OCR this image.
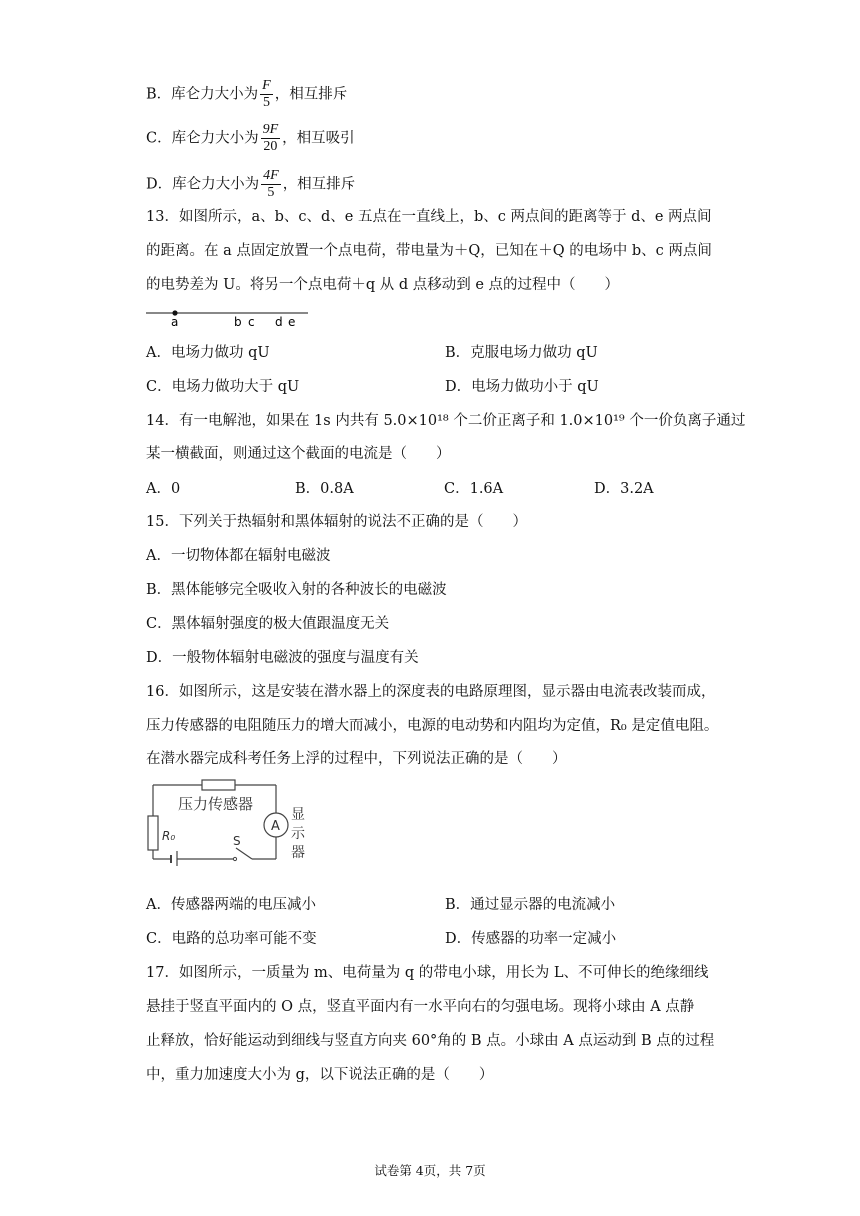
B．库仑力大小为 $\frac{F}{5}$ ，相互排斥
C．库仑力大小为 $\frac{9F}{20}$ ，相互吸引
D．库仑力大小为 $\frac{4F}{5}$ ，相互排斥
13．如图所示，a、b、c、d、e 五点在一直线上，b、c 两点间的距离等于 d、e 两点间
的距离。在 a 点固定放置一个点电荷，带电量为＋Q，已知在＋Q 的电场中 b、c 两点间
的电势差为 U。将另一个点电荷＋q 从 d 点移动到 e 点的过程中（　　）
a	b c d e
A．电场力做功 qU	B．克服电场力做功 qU
C．电场力做功大于 qU	D．电场力做功小于 qU
14．有一电解池，如果在 1s 内共有 5.0×10¹⁸ 个二价正离子和 1.0×10¹⁹ 个一价负离子通过
某一横截面，则通过这个截面的电流是（　　）
A．0	B．0.8A	C．1.6A	D．3.2A
15．下列关于热辐射和黑体辐射的说法不正确的是（　　）
A．一切物体都在辐射电磁波
B．黑体能够完全吸收入射的各种波长的电磁波
C．黑体辐射强度的极大值跟温度无关
D．一般物体辐射电磁波的强度与温度有关
16．如图所示，这是安装在潜水器上的深度表的电路原理图，显示器由电流表改装而成，
压力传感器的电阻随压力的增大而减小，电源的电动势和内阻均为定值，R₀ 是定值电阻。
在潜水器完成科考任务上浮的过程中，下列说法正确的是（　　）
A
压力传感器
R₀	S
显
示
器
A．传感器两端的电压减小	B．通过显示器的电流减小
C．电路的总功率可能不变	D．传感器的功率一定减小
17．如图所示，一质量为 m、电荷量为 q 的带电小球，用长为 L、不可伸长的绝缘细线
悬挂于竖直平面内的 O 点，竖直平面内有一水平向右的匀强电场。现将小球由 A 点静
止释放，恰好能运动到细线与竖直方向夹 60°角的 B 点。小球由 A 点运动到 B 点的过程
中，重力加速度大小为 g，以下说法正确的是（　　）
试卷第 4页，共 7页
